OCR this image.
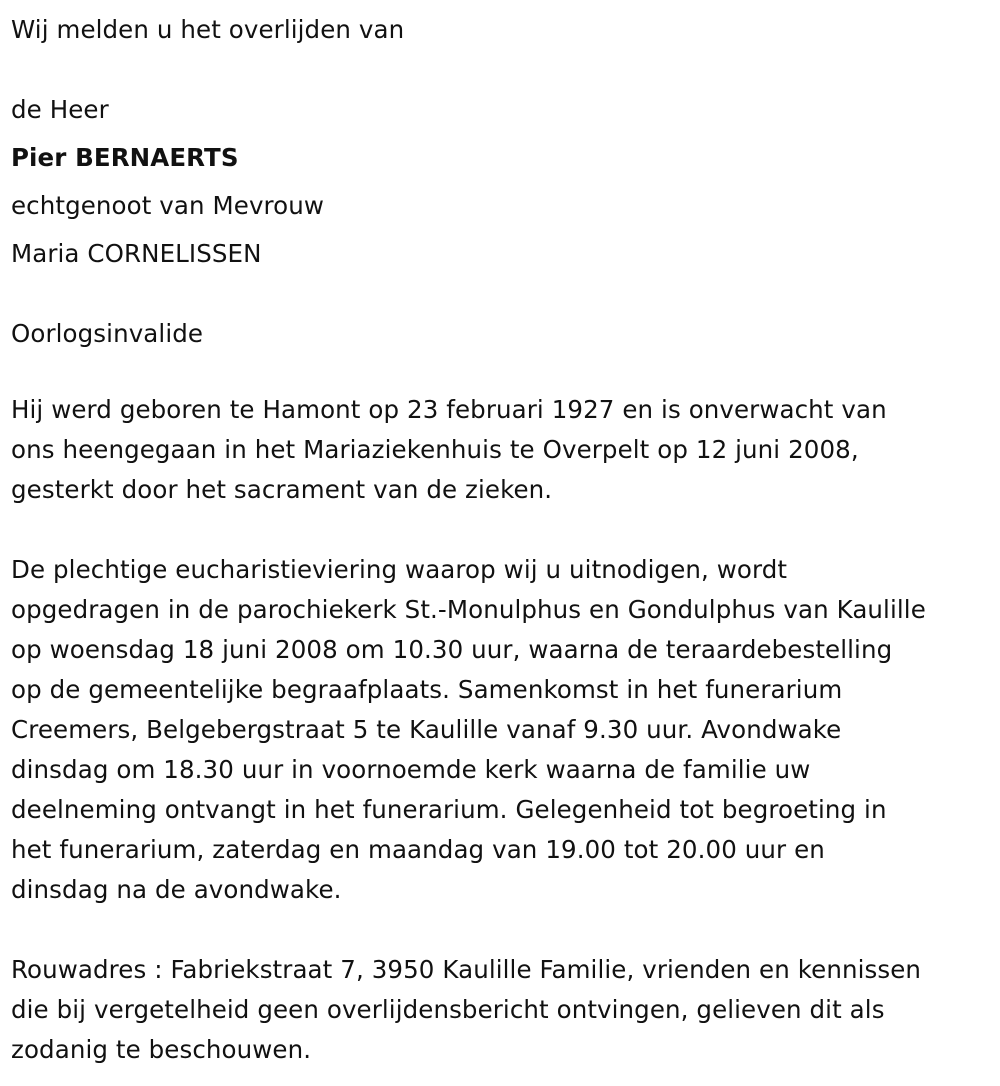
Wij melden u het overlijden van
de Heer
Pier BERNAERTS
echtgenoot van Mevrouw
Maria CORNELISSEN
Oorlogsinvalide
Hij werd geboren te Hamont op 23 februari 1927 en is onverwacht van
ons heengegaan in het Mariaziekenhuis te Overpelt op 12 juni 2008,
gesterkt door het sacrament van de zieken.
De plechtige eucharistieviering waarop wij u uitnodigen, wordt
opgedragen in de parochiekerk St.-Monulphus en Gondulphus van Kaulille
op woensdag 18 juni 2008 om 10.30 uur, waarna de teraardebestelling
op de gemeentelijke begraafplaats. Samenkomst in het funerarium
Creemers, Belgebergstraat 5 te Kaulille vanaf 9.30 uur. Avondwake
dinsdag om 18.30 uur in voornoemde kerk waarna de familie uw
deelneming ontvangt in het funerarium. Gelegenheid tot begroeting in
het funerarium, zaterdag en maandag van 19.00 tot 20.00 uur en
dinsdag na de avondwake.
Rouwadres : Fabriekstraat 7, 3950 Kaulille Familie, vrienden en kennissen
die bij vergetelheid geen overlijdensbericht ontvingen, gelieven dit als
zodanig te beschouwen.
